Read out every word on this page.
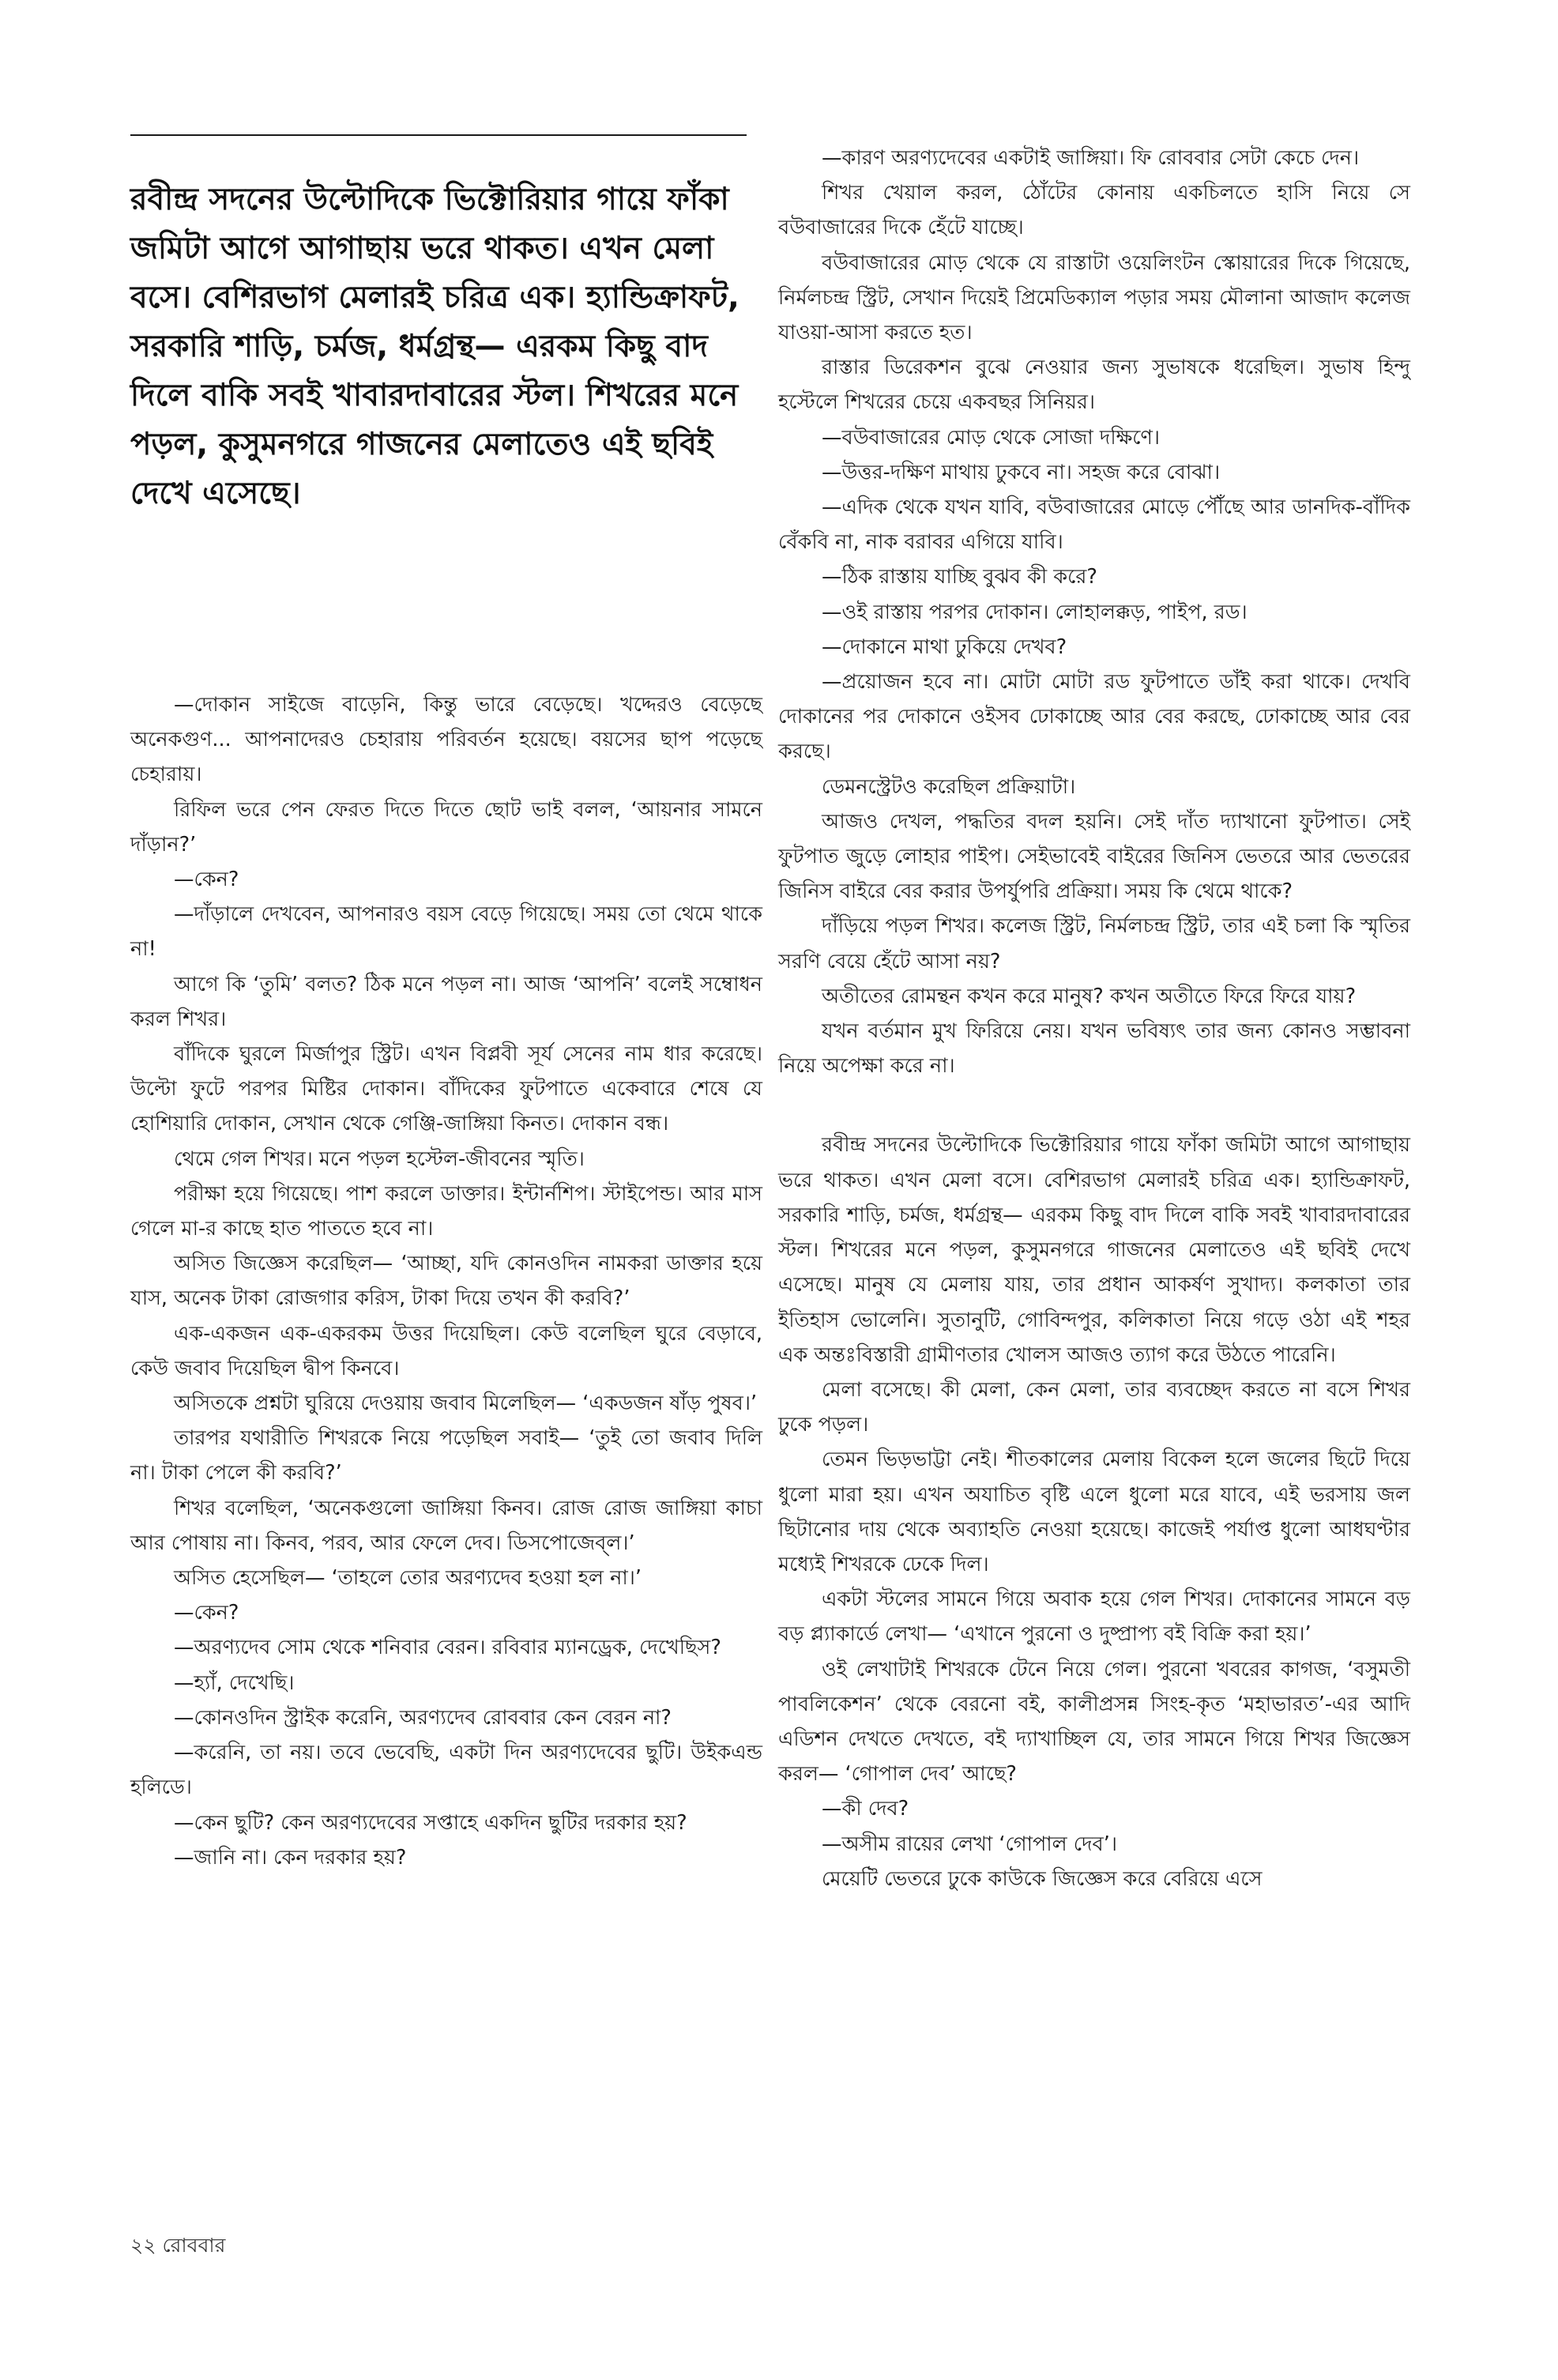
রবীন্দ্র সদনের উল্টোদিকে ভিক্টোরিয়ার গায়ে ফাঁকা জমিটা আগে আগাছায় ভরে থাকত। এখন মেলা বসে। বেশিরভাগ মেলারই চরিত্র এক। হ্যান্ডিক্রাফট, সরকারি শাড়ি, চর্মজ, ধর্মগ্রন্থ— এরকম কিছু বাদ দিলে বাকি সবই খাবারদাবারের স্টল। শিখরের মনে পড়ল, কুসুমনগরে গাজনের মেলাতেও এই ছবিই দেখে এসেছে।

—দোকান সাইজে বাড়েনি, কিন্তু ভারে বেড়েছে। খদ্দেরও বেড়েছে অনেকগুণ... আপনাদেরও চেহারায় পরিবর্তন হয়েছে। বয়সের ছাপ পড়েছে চেহারায়।

রিফিল ভরে পেন ফেরত দিতে দিতে ছোট ভাই বলল, ‘আয়নার সামনে দাঁড়ান?’

—কেন?

—দাঁড়ালে দেখবেন, আপনারও বয়স বেড়ে গিয়েছে। সময় তো থেমে থাকে না!

আগে কি ‘তুমি’ বলত? ঠিক মনে পড়ল না। আজ ‘আপনি’ বলেই সম্বোধন করল শিখর।

বাঁদিকে ঘুরলে মির্জাপুর স্ট্রিট। এখন বিপ্লবী সূর্য সেনের নাম ধার করেছে। উল্টো ফুটে পরপর মিষ্টির দোকান। বাঁদিকের ফুটপাতে একেবারে শেষে যে হোশিয়ারি দোকান, সেখান থেকে গেঞ্জি-জাঙ্গিয়া কিনত। দোকান বন্ধ।

থেমে গেল শিখর। মনে পড়ল হস্টেল-জীবনের স্মৃতি।

পরীক্ষা হয়ে গিয়েছে। পাশ করলে ডাক্তার। ইন্টার্নশিপ। স্টাইপেন্ড। আর মাস গেলে মা-র কাছে হাত পাততে হবে না।

অসিত জিজ্ঞেস করেছিল— ‘আচ্ছা, যদি কোনওদিন নামকরা ডাক্তার হয়ে যাস, অনেক টাকা রোজগার করিস, টাকা দিয়ে তখন কী করবি?’

এক-একজন এক-একরকম উত্তর দিয়েছিল। কেউ বলেছিল ঘুরে বেড়াবে, কেউ জবাব দিয়েছিল দ্বীপ কিনবে।

অসিতকে প্রশ্নটা ঘুরিয়ে দেওয়ায় জবাব মিলেছিল— ‘একডজন ষাঁড় পুষব।’

তারপর যথারীতি শিখরকে নিয়ে পড়েছিল সবাই— ‘তুই তো জবাব দিলি না। টাকা পেলে কী করবি?’

শিখর বলেছিল, ‘অনেকগুলো জাঙ্গিয়া কিনব। রোজ রোজ জাঙ্গিয়া কাচা আর পোষায় না। কিনব, পরব, আর ফেলে দেব। ডিসপোজেব্‌ল।’

অসিত হেসেছিল— ‘তাহলে তোর অরণ্যদেব হওয়া হল না।’

—কেন?

—অরণ্যদেব সোম থেকে শনিবার বেরন। রবিবার ম্যানড্রেক, দেখেছিস?

—হ্যাঁ, দেখেছি।

—কোনওদিন স্ট্রাইক করেনি, অরণ্যদেব রোববার কেন বেরন না?

—করেনি, তা নয়। তবে ভেবেছি, একটা দিন অরণ্যদেবের ছুটি। উইকএন্ড হলিডে।

—কেন ছুটি? কেন অরণ্যদেবের সপ্তাহে একদিন ছুটির দরকার হয়?

—জানি না। কেন দরকার হয়?

—কারণ অরণ্যদেবের একটাই জাঙ্গিয়া। ফি রোববার সেটা কেচে দেন।

শিখর খেয়াল করল, ঠোঁটের কোনায় একচিলতে হাসি নিয়ে সে বউবাজারের দিকে হেঁটে যাচ্ছে।

বউবাজারের মোড় থেকে যে রাস্তাটা ওয়েলিংটন স্কোয়ারের দিকে গিয়েছে, নির্মলচন্দ্র স্ট্রিট, সেখান দিয়েই প্রিমেডিক্যাল পড়ার সময় মৌলানা আজাদ কলেজ যাওয়া-আসা করতে হত।

রাস্তার ডিরেকশন বুঝে নেওয়ার জন্য সুভাষকে ধরেছিল। সুভাষ হিন্দু হস্টেলে শিখরের চেয়ে একবছর সিনিয়র।

—বউবাজারের মোড় থেকে সোজা দক্ষিণে।

—উত্তর-দক্ষিণ মাথায় ঢুকবে না। সহজ করে বোঝা।

—এদিক থেকে যখন যাবি, বউবাজারের মোড়ে পৌঁছে আর ডানদিক-বাঁদিক বেঁকবি না, নাক বরাবর এগিয়ে যাবি।

—ঠিক রাস্তায় যাচ্ছি বুঝব কী করে?

—ওই রাস্তায় পরপর দোকান। লোহালক্কড়, পাইপ, রড।

—দোকানে মাথা ঢুকিয়ে দেখব?

—প্রয়োজন হবে না। মোটা মোটা রড ফুটপাতে ডাঁই করা থাকে। দেখবি দোকানের পর দোকানে ওইসব ঢোকাচ্ছে আর বের করছে, ঢোকাচ্ছে আর বের করছে।

ডেমনস্ট্রেটও করেছিল প্রক্রিয়াটা।

আজও দেখল, পদ্ধতির বদল হয়নি। সেই দাঁত দ্যাখানো ফুটপাত। সেই ফুটপাত জুড়ে লোহার পাইপ। সেইভাবেই বাইরের জিনিস ভেতরে আর ভেতরের জিনিস বাইরে বের করার উপর্যুপরি প্রক্রিয়া। সময় কি থেমে থাকে?

দাঁড়িয়ে পড়ল শিখর। কলেজ স্ট্রিট, নির্মলচন্দ্র স্ট্রিট, তার এই চলা কি স্মৃতির সরণি বেয়ে হেঁটে আসা নয়?

অতীতের রোমন্থন কখন করে মানুষ? কখন অতীতে ফিরে ফিরে যায়?

যখন বর্তমান মুখ ফিরিয়ে নেয়। যখন ভবিষ্যৎ তার জন্য কোনও সম্ভাবনা নিয়ে অপেক্ষা করে না।

রবীন্দ্র সদনের উল্টোদিকে ভিক্টোরিয়ার গায়ে ফাঁকা জমিটা আগে আগাছায় ভরে থাকত। এখন মেলা বসে। বেশিরভাগ মেলারই চরিত্র এক। হ্যান্ডিক্রাফট, সরকারি শাড়ি, চর্মজ, ধর্মগ্রন্থ— এরকম কিছু বাদ দিলে বাকি সবই খাবারদাবারের স্টল। শিখরের মনে পড়ল, কুসুমনগরে গাজনের মেলাতেও এই ছবিই দেখে এসেছে। মানুষ যে মেলায় যায়, তার প্রধান আকর্ষণ সুখাদ্য। কলকাতা তার ইতিহাস ভোলেনি। সুতানুটি, গোবিন্দপুর, কলিকাতা নিয়ে গড়ে ওঠা এই শহর এক অন্তঃবিস্তারী গ্রামীণতার খোলস আজও ত্যাগ করে উঠতে পারেনি।

মেলা বসেছে। কী মেলা, কেন মেলা, তার ব্যবচ্ছেদ করতে না বসে শিখর ঢুকে পড়ল।

তেমন ভিড়ভাট্টা নেই। শীতকালের মেলায় বিকেল হলে জলের ছিটে দিয়ে ধুলো মারা হয়। এখন অযাচিত বৃষ্টি এলে ধুলো মরে যাবে, এই ভরসায় জল ছিটানোর দায় থেকে অব্যাহতি নেওয়া হয়েছে। কাজেই পর্যাপ্ত ধুলো আধঘণ্টার মধ্যেই শিখরকে ঢেকে দিল।

একটা স্টলের সামনে গিয়ে অবাক হয়ে গেল শিখর। দোকানের সামনে বড় বড় প্ল্যাকার্ডে লেখা— ‘এখানে পুরনো ও দুষ্প্রাপ্য বই বিক্রি করা হয়।’

ওই লেখাটাই শিখরকে টেনে নিয়ে গেল। পুরনো খবরের কাগজ, ‘বসুমতী পাবলিকেশন’ থেকে বেরনো বই, কালীপ্রসন্ন সিংহ-কৃত ‘মহাভারত’-এর আদি এডিশন দেখতে দেখতে, বই দ্যাখাচ্ছিল যে, তার সামনে গিয়ে শিখর জিজ্ঞেস করল— ‘গোপাল দেব’ আছে?

—কী দেব?

—অসীম রায়ের লেখা ‘গোপাল দেব’।

মেয়েটি ভেতরে ঢুকে কাউকে জিজ্ঞেস করে বেরিয়ে এসে

২২ রোববার
